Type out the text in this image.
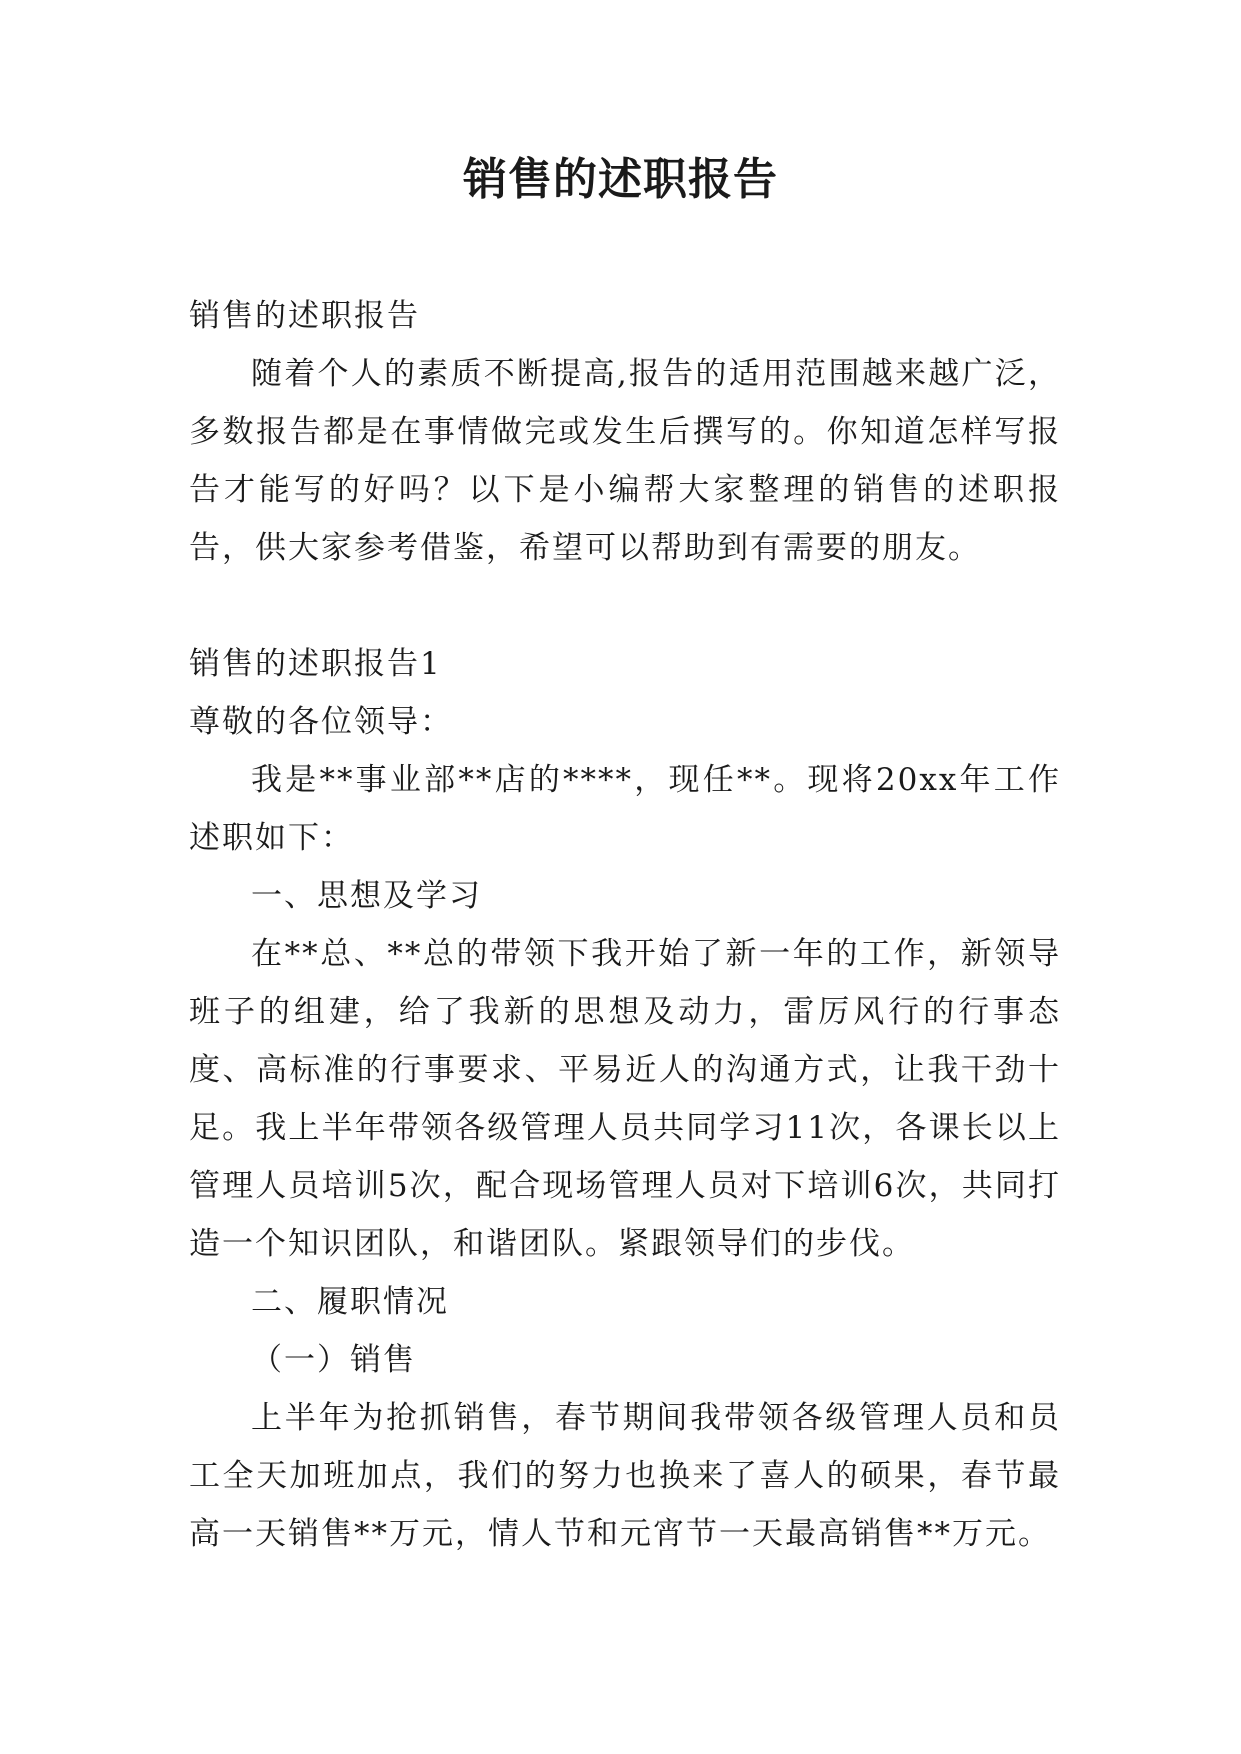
销售的述职报告

销售的述职报告

随着个人的素质不断提高,报告的适用范围越来越广泛，多数报告都是在事情做完或发生后撰写的。你知道怎样写报告才能写的好吗？以下是小编帮大家整理的销售的述职报告，供大家参考借鉴，希望可以帮助到有需要的朋友。

销售的述职报告1

尊敬的各位领导：

我是**事业部**店的****，现任**。现将20xx年工作述职如下：

一、思想及学习

在**总、**总的带领下我开始了新一年的工作，新领导班子的组建，给了我新的思想及动力，雷厉风行的行事态度、高标准的行事要求、平易近人的沟通方式，让我干劲十足。我上半年带领各级管理人员共同学习11次，各课长以上管理人员培训5次，配合现场管理人员对下培训6次，共同打造一个知识团队，和谐团队。紧跟领导们的步伐。

二、履职情况

（一）销售

上半年为抢抓销售，春节期间我带领各级管理人员和员工全天加班加点，我们的努力也换来了喜人的硕果，春节最高一天销售**万元，情人节和元宵节一天最高销售**万元。
